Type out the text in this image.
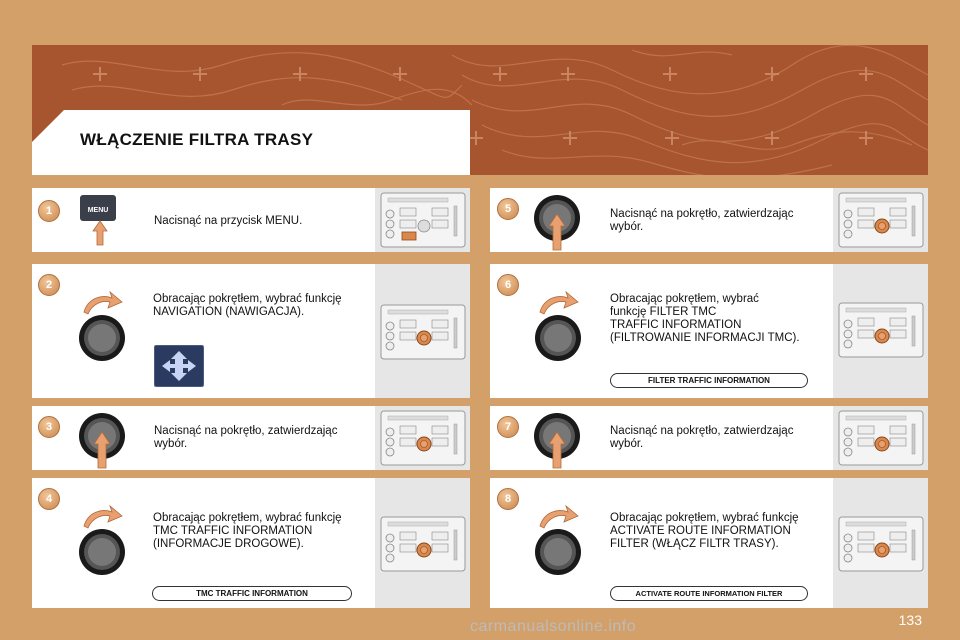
WŁĄCZENIE FILTRA TRASY
1	MENU
Nacisnąć na przycisk MENU.
2
Obracając pokrętłem, wybrać funkcję
NAVIGATION (NAWIGACJA).
3	Nacisnąć na pokrętło, zatwierdzając
wybór.
4
Obracając pokrętłem, wybrać funkcję
TMC TRAFFIC INFORMATION
(INFORMACJE DROGOWE).
TMC TRAFFIC INFORMATION
5	Nacisnąć na pokrętło, zatwierdzając
wybór.
6
Obracając pokrętłem, wybrać
funkcję FILTER TMC
TRAFFIC INFORMATION
(FILTROWANIE INFORMACJI TMC).
FILTER TRAFFIC INFORMATION
7	Nacisnąć na pokrętło, zatwierdzając
wybór.
8
Obracając pokrętłem, wybrać funkcję
ACTIVATE ROUTE INFORMATION
FILTER (WŁĄCZ FILTR TRASY).
ACTIVATE ROUTE INFORMATION FILTER
133
carmanualsonline.info
